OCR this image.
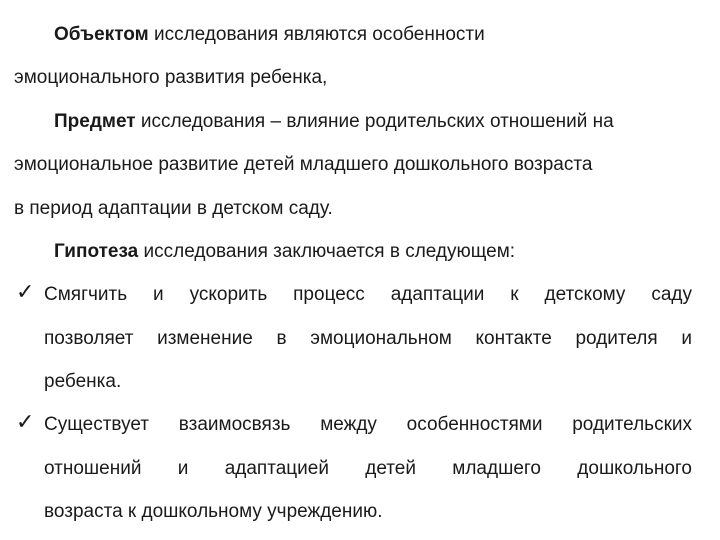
Объектом исследования являются особенности
эмоционального развития ребенка,
Предмет исследования – влияние родительских отношений на
эмоциональное развитие детей младшего дошкольного возраста
в период адаптации в детском саду.
Гипотеза исследования заключается в следующем:
✓ Смягчить и ускорить процесс адаптации к детскому саду
позволяет изменение в эмоциональном контакте родителя и
ребенка.
✓ Существует взаимосвязь между особенностями родительских
отношений и адаптацией детей младшего дошкольного
возраста к дошкольному учреждению.
